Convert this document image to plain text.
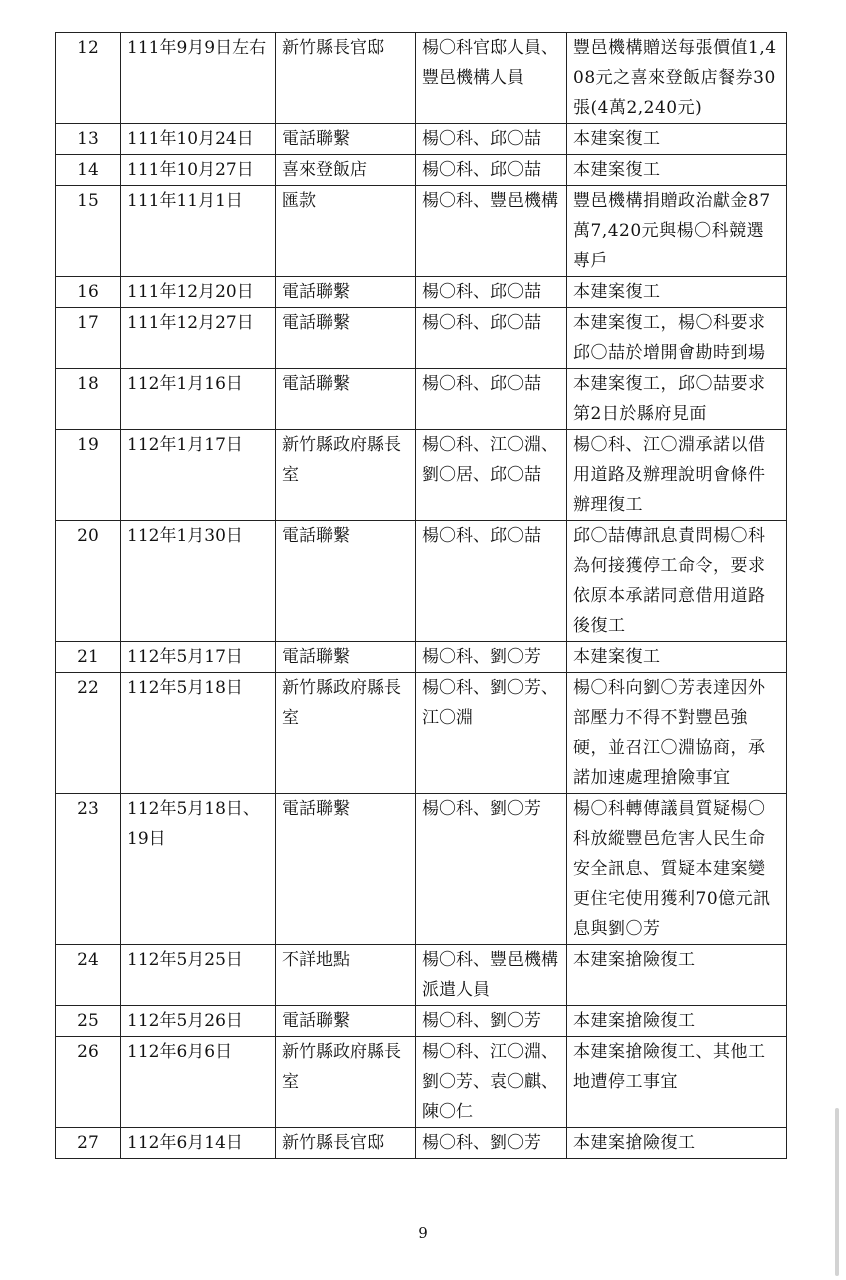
12	111年9月9日左右	新竹縣長官邸	楊〇科官邸人員、豐邑機構人員	豐邑機構贈送每張價值1,408元之喜來登飯店餐券30張(4萬2,240元)
13	111年10月24日	電話聯繫	楊〇科、邱〇喆	本建案復工
14	111年10月27日	喜來登飯店	楊〇科、邱〇喆	本建案復工
15	111年11月1日	匯款	楊〇科、豐邑機構	豐邑機構捐贈政治獻金87萬7,420元與楊〇科競選專戶
16	111年12月20日	電話聯繫	楊〇科、邱〇喆	本建案復工
17	111年12月27日	電話聯繫	楊〇科、邱〇喆	本建案復工，楊〇科要求邱〇喆於增開會勘時到場
18	112年1月16日	電話聯繫	楊〇科、邱〇喆	本建案復工，邱〇喆要求第2日於縣府見面
19	112年1月17日	新竹縣政府縣長室	楊〇科、江〇淵、劉〇居、邱〇喆	楊〇科、江〇淵承諾以借用道路及辦理說明會條件辦理復工
20	112年1月30日	電話聯繫	楊〇科、邱〇喆	邱〇喆傳訊息責問楊〇科為何接獲停工命令，要求依原本承諾同意借用道路後復工
21	112年5月17日	電話聯繫	楊〇科、劉〇芳	本建案復工
22	112年5月18日	新竹縣政府縣長室	楊〇科、劉〇芳、江〇淵	楊〇科向劉〇芳表達因外部壓力不得不對豐邑強硬，並召江〇淵協商，承諾加速處理搶險事宜
23	112年5月18日、19日	電話聯繫	楊〇科、劉〇芳	楊〇科轉傳議員質疑楊〇科放縱豐邑危害人民生命安全訊息、質疑本建案變更住宅使用獲利70億元訊息與劉〇芳
24	112年5月25日	不詳地點	楊〇科、豐邑機構派遣人員	本建案搶險復工
25	112年5月26日	電話聯繫	楊〇科、劉〇芳	本建案搶險復工
26	112年6月6日	新竹縣政府縣長室	楊〇科、江〇淵、劉〇芳、袁〇麒、陳〇仁	本建案搶險復工、其他工地遭停工事宜
27	112年6月14日	新竹縣長官邸	楊〇科、劉〇芳	本建案搶險復工
9
